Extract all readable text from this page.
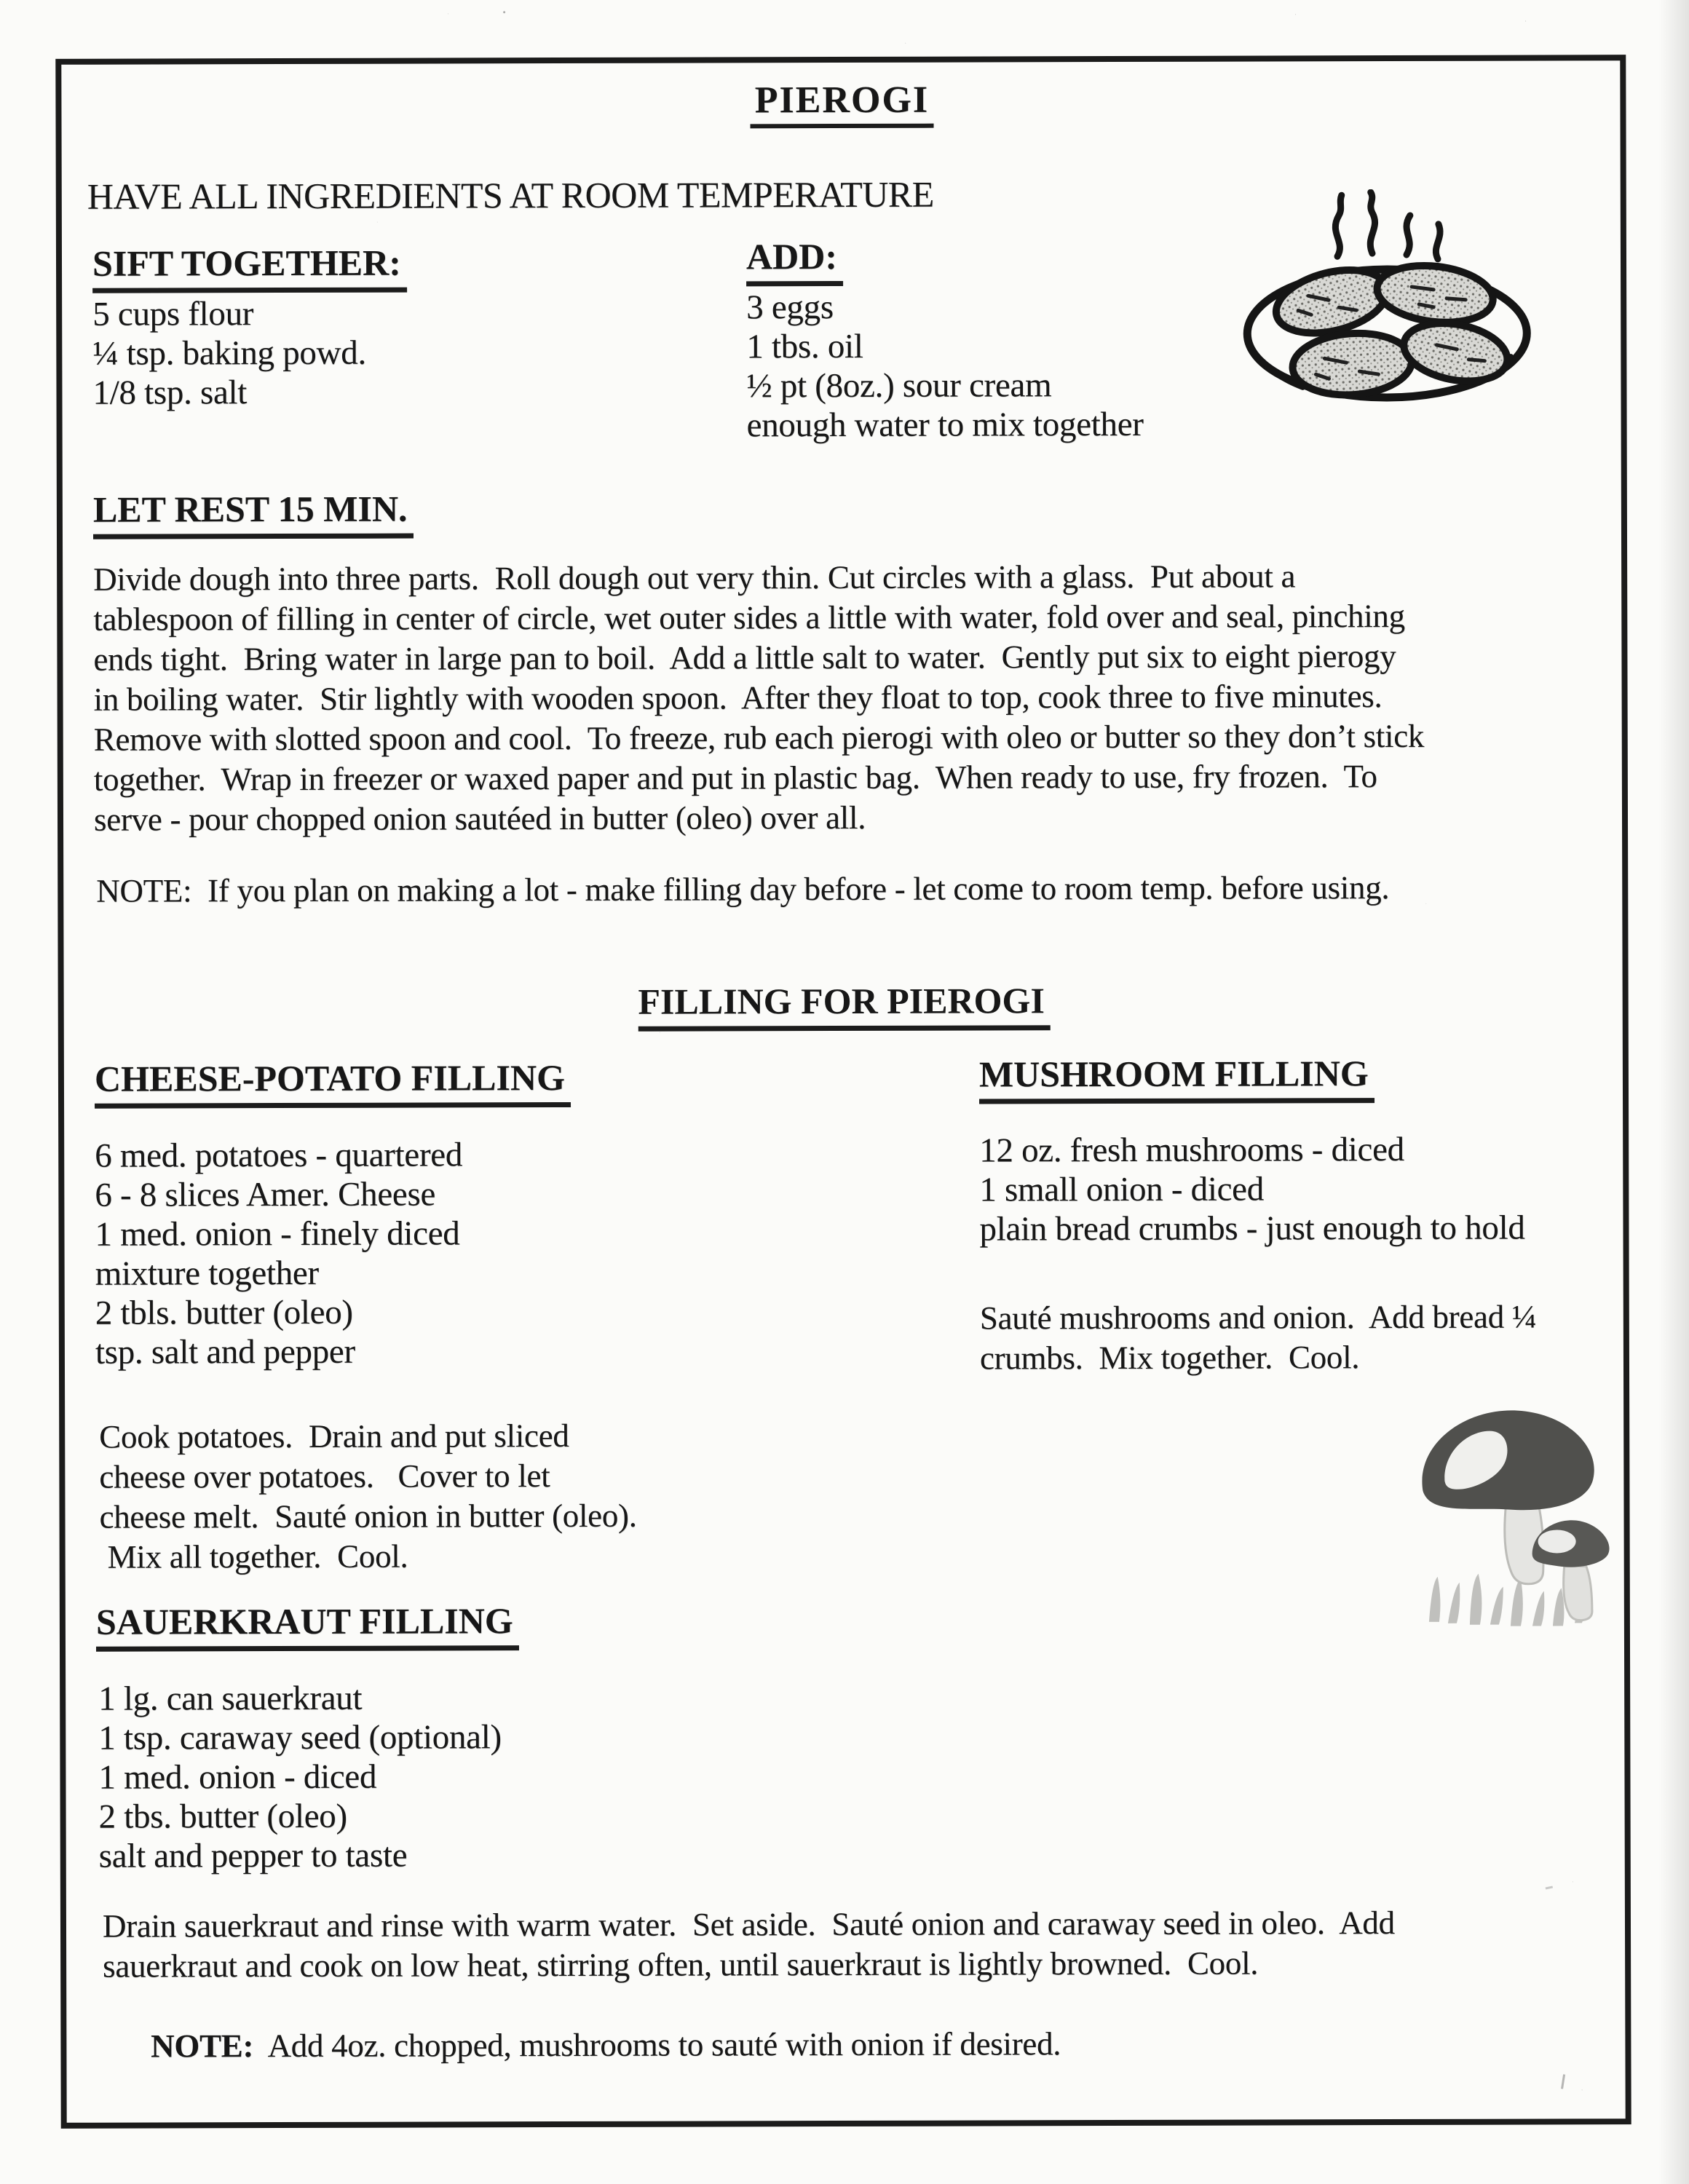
PIEROGI
HAVE ALL INGREDIENTS AT ROOM TEMPERATURE
SIFT TOGETHER:
5 cups flour
¼ tsp. baking powd.
1/8 tsp. salt
ADD:
3 eggs
1 tbs. oil
½ pt (8oz.) sour cream
enough water to mix together
LET REST 15 MIN.
Divide dough into three parts.  Roll dough out very thin. Cut circles with a glass.  Put about a
tablespoon of filling in center of circle, wet outer sides a little with water, fold over and seal, pinching
ends tight.  Bring water in large pan to boil.  Add a little salt to water.  Gently put six to eight pierogy
in boiling water.  Stir lightly with wooden spoon.  After they float to top, cook three to five minutes.
Remove with slotted spoon and cool.  To freeze, rub each pierogi with oleo or butter so they don’t stick
together.  Wrap in freezer or waxed paper and put in plastic bag.  When ready to use, fry frozen.  To
serve - pour chopped onion sautéed in butter (oleo) over all.
NOTE:  If you plan on making a lot - make filling day before - let come to room temp. before using.
FILLING FOR PIEROGI
CHEESE-POTATO FILLING
6 med. potatoes - quartered
6 - 8 slices Amer. Cheese
1 med. onion - finely diced
mixture together
2 tbls. butter (oleo)
tsp. salt and pepper
Cook potatoes.  Drain and put sliced
cheese over potatoes.   Cover to let
cheese melt.  Sauté onion in butter (oleo).
Mix all together.  Cool.
MUSHROOM FILLING
12 oz. fresh mushrooms - diced
1 small onion - diced
plain bread crumbs - just enough to hold
Sauté mushrooms and onion.  Add bread ¼
crumbs.  Mix together.  Cool.
SAUERKRAUT FILLING
1 lg. can sauerkraut
1 tsp. caraway seed (optional)
1 med. onion - diced
2 tbs. butter (oleo)
salt and pepper to taste
Drain sauerkraut and rinse with warm water.  Set aside.  Sauté onion and caraway seed in oleo.  Add
sauerkraut and cook on low heat, stirring often, until sauerkraut is lightly browned.  Cool.

NOTE:  Add 4oz. chopped, mushrooms to sauté with onion if desired.
